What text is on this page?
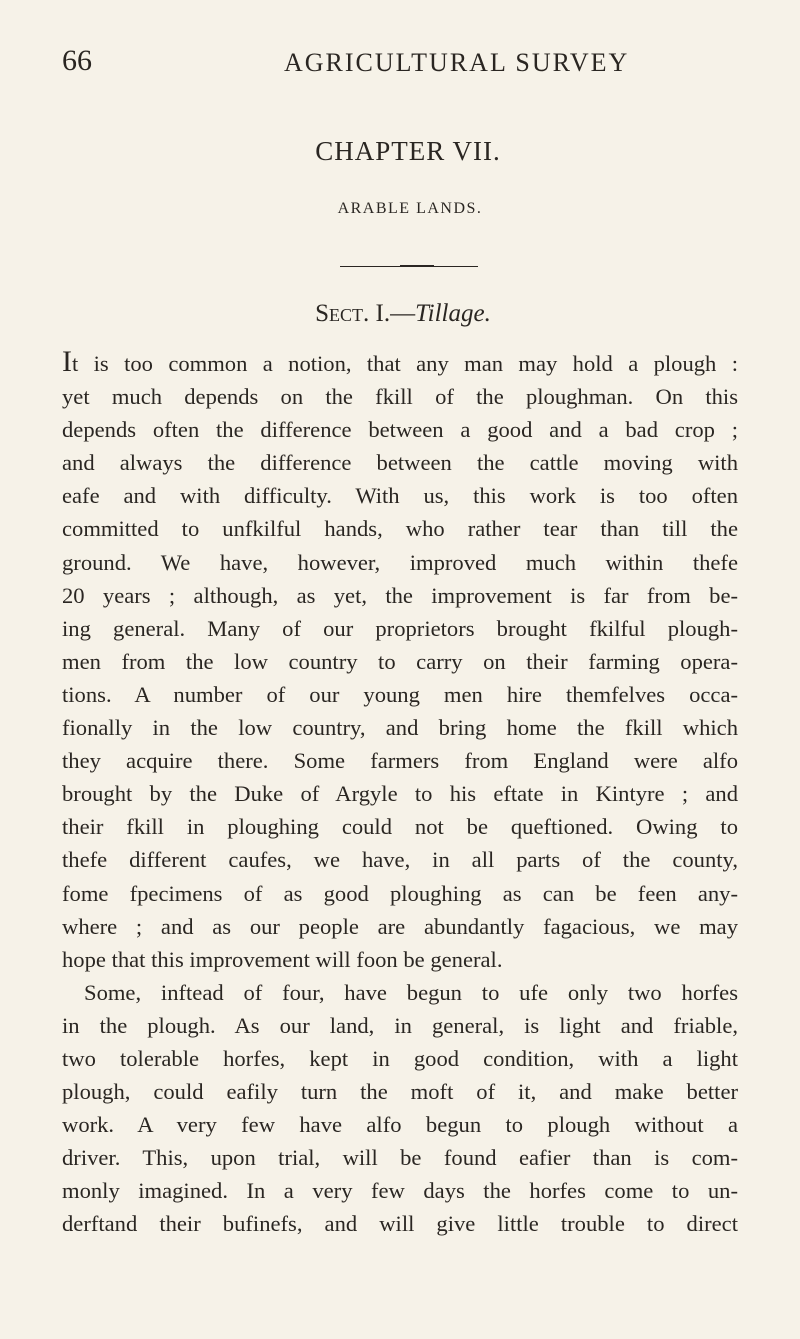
66	AGRICULTURAL SURVEY
CHAPTER VII.
ARABLE LANDS.
Sect. I.—Tillage.
It is too common a notion, that any man may hold a plough :
yet much depends on the fkill of the ploughman. On this
depends often the difference between a good and a bad crop ;
and always the difference between the cattle moving with
eafe and with difficulty. With us, this work is too often
committed to unfkilful hands, who rather tear than till the
ground. We have, however, improved much within thefe
20 years ; although, as yet, the improvement is far from be-
ing general. Many of our proprietors brought fkilful plough-
men from the low country to carry on their farming opera-
tions. A number of our young men hire themfelves occa-
fionally in the low country, and bring home the fkill which
they acquire there. Some farmers from England were alfo
brought by the Duke of Argyle to his eftate in Kintyre ; and
their fkill in ploughing could not be queftioned. Owing to
thefe different caufes, we have, in all parts of the county,
fome fpecimens of as good ploughing as can be feen any-
where ; and as our people are abundantly fagacious, we may
hope that this improvement will foon be general.
Some, inftead of four, have begun to ufe only two horfes
in the plough. As our land, in general, is light and friable,
two tolerable horfes, kept in good condition, with a light
plough, could eafily turn the moft of it, and make better
work. A very few have alfo begun to plough without a
driver. This, upon trial, will be found eafier than is com-
monly imagined. In a very few days the horfes come to un-
derftand their bufinefs, and will give little trouble to direct
